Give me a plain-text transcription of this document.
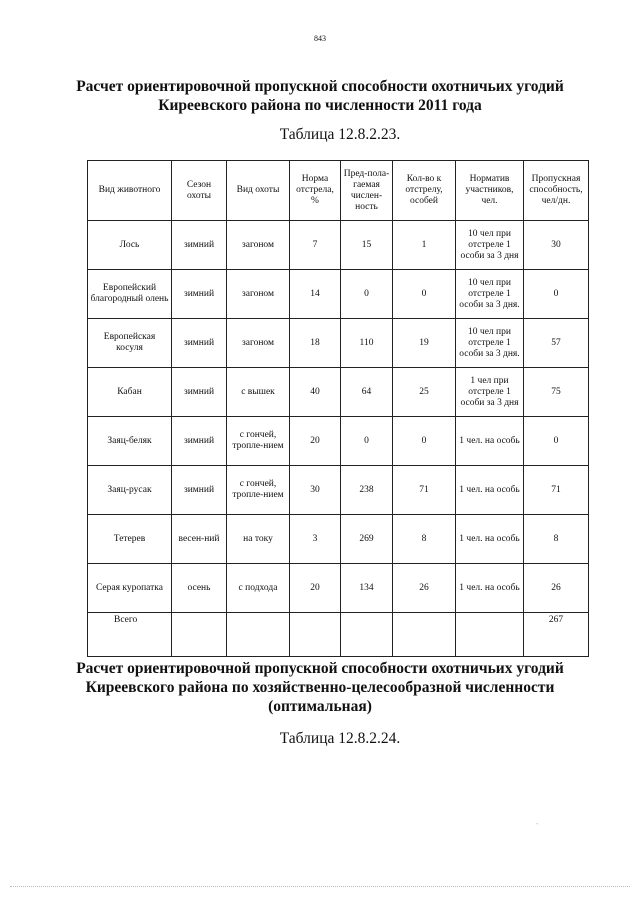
843
Расчет ориентировочной пропускной способности охотничьих угодий
Киреевского района по численности 2011 года
Таблица 12.8.2.23.
Вид животного	Сезон охоты	Вид охоты	Норма отстрела, %	Пред-пола-гаемая числен-ность	Кол-во к отстрелу, особей	Норматив участников, чел.	Пропускная способность, чел/дн.
Лось	зимний	загоном	7	15	1	10 чел при отстреле 1 особи за 3 дня	30
Европейский благородный олень	зимний	загоном	14	0	0	10 чел при отстреле 1 особи за 3 дня.	0
Европейская косуля	зимний	загоном	18	110	19	10 чел при отстреле 1 особи за 3 дня.	57
Кабан	зимний	с вышек	40	64	25	1 чел при отстреле 1 особи за 3 дня	75
Заяц-беляк	зимний	с гончей, тропле-нием	20	0	0	1 чел. на особь	0
Заяц-русак	зимний	с гончей, тропле-нием	30	238	71	1 чел. на особь	71
Тетерев	весен-ний	на току	3	269	8	1 чел. на особь	8
Серая куропатка	осень	с подхода	20	134	26	1 чел. на особь	26
Всего							267
Расчет ориентировочной пропускной способности охотничьих угодий
Киреевского района по хозяйственно-целесообразной численности
(оптимальная)
Таблица 12.8.2.24.
`
